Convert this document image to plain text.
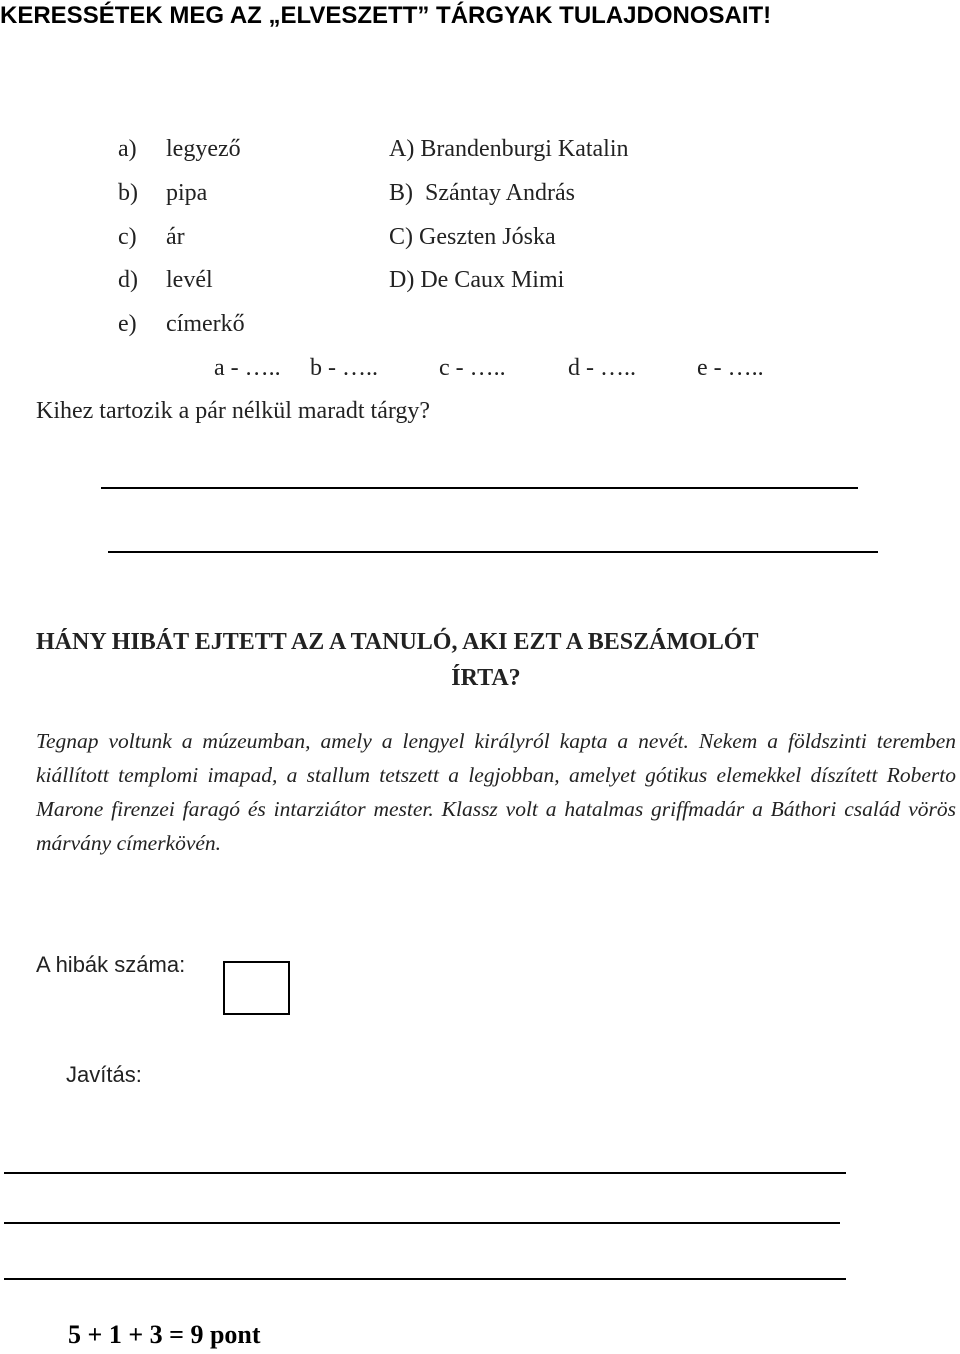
KERESSÉTEK MEG AZ „ELVESZETT” TÁRGYAK TULAJDONOSAIT!
a) legyező	A) Brandenburgi Katalin
b) pipa	B)  Szántay András
c) ár	C) Geszten Jóska
d) levél	D) De Caux Mimi
e) címerkő
a - ….. b - …..	c - …..	d - …..	e - …..
Kihez tartozik a pár nélkül maradt tárgy?
HÁNY HIBÁT EJTETT AZ A TANULÓ, AKI EZT A BESZÁMOLÓT
ÍRTA?
Tegnap voltunk a múzeumban, amely a lengyel királyról kapta a nevét. Nekem a földszinti teremben kiállított templomi imapad, a stallum tetszett a legjobban, amelyet gótikus elemekkel díszített Roberto Marone firenzei faragó és intarziátor mester. Klassz volt a hatalmas griffmadár a Báthori család vörös márvány címerkövén.
A hibák száma:
Javítás:
5 + 1 + 3 = 9 pont
